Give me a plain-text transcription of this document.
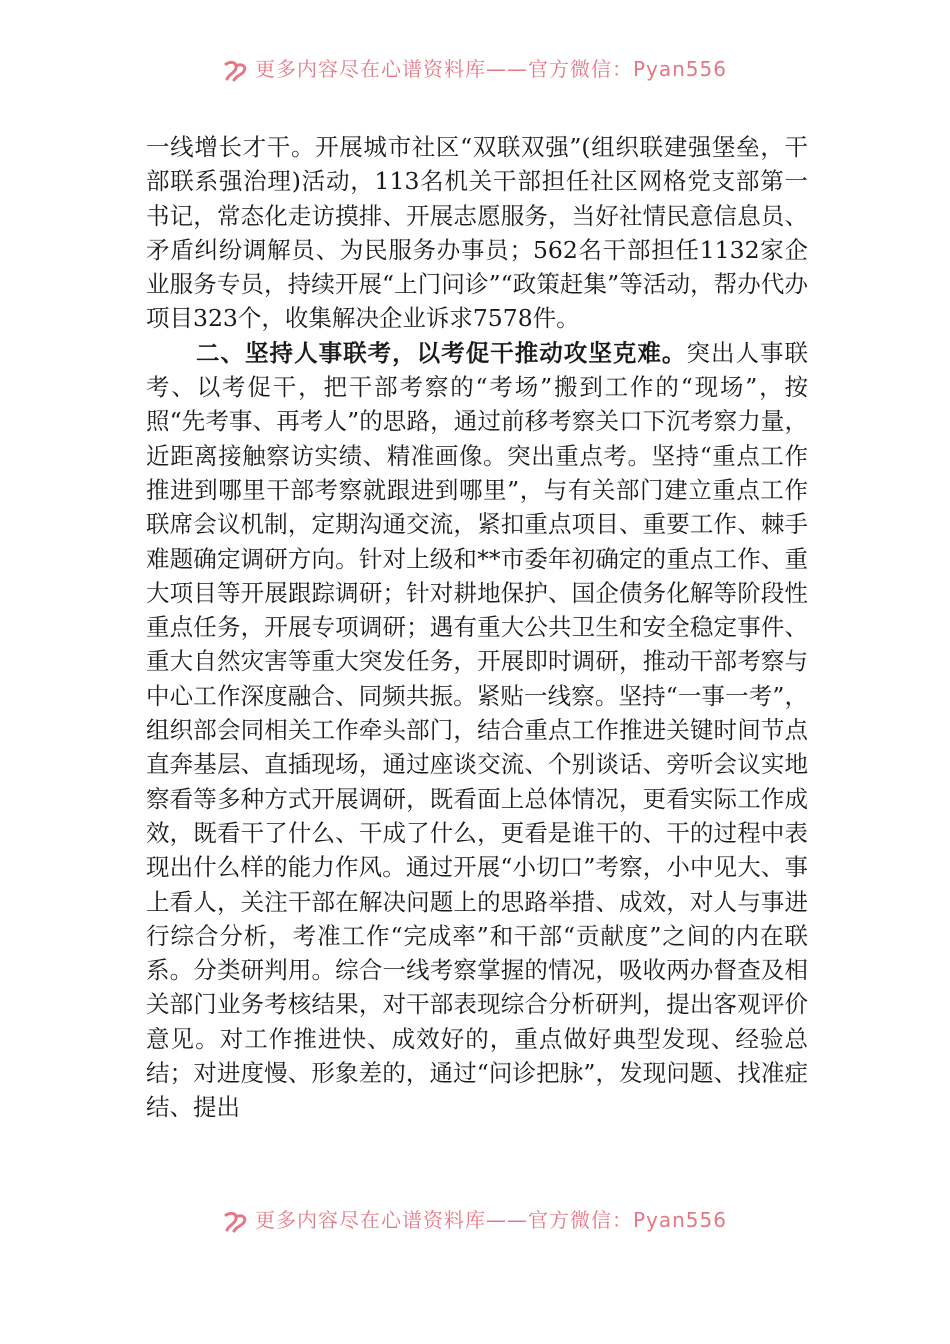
更多内容尽在心谱资料库——官方微信：Pyan556

一线增长才干。开展城市社区“双联双强”(组织联建强堡垒，干部联系强治理)活动，113名机关干部担任社区网格党支部第一书记，常态化走访摸排、开展志愿服务，当好社情民意信息员、矛盾纠纷调解员、为民服务办事员；562名干部担任1132家企业服务专员，持续开展“上门问诊”“政策赶集”等活动，帮办代办项目323个，收集解决企业诉求7578件。

二、坚持人事联考，以考促干推动攻坚克难。突出人事联考、以考促干，把干部考察的“考场”搬到工作的“现场”，按照“先考事、再考人”的思路，通过前移考察关口下沉考察力量，近距离接触察访实绩、精准画像。突出重点考。坚持“重点工作推进到哪里干部考察就跟进到哪里”，与有关部门建立重点工作联席会议机制，定期沟通交流，紧扣重点项目、重要工作、棘手难题确定调研方向。针对上级和**市委年初确定的重点工作、重大项目等开展跟踪调研；针对耕地保护、国企债务化解等阶段性重点任务，开展专项调研；遇有重大公共卫生和安全稳定事件、重大自然灾害等重大突发任务，开展即时调研，推动干部考察与中心工作深度融合、同频共振。紧贴一线察。坚持“一事一考”，组织部会同相关工作牵头部门，结合重点工作推进关键时间节点直奔基层、直插现场，通过座谈交流、个别谈话、旁听会议实地察看等多种方式开展调研，既看面上总体情况，更看实际工作成效，既看干了什么、干成了什么，更看是谁干的、干的过程中表现出什么样的能力作风。通过开展“小切口”考察，小中见大、事上看人，关注干部在解决问题上的思路举措、成效，对人与事进行综合分析，考准工作“完成率”和干部“贡献度”之间的内在联系。分类研判用。综合一线考察掌握的情况，吸收两办督查及相关部门业务考核结果，对干部表现综合分析研判，提出客观评价意见。对工作推进快、成效好的，重点做好典型发现、经验总结；对进度慢、形象差的，通过“问诊把脉”，发现问题、找准症结、提出

更多内容尽在心谱资料库——官方微信：Pyan556
